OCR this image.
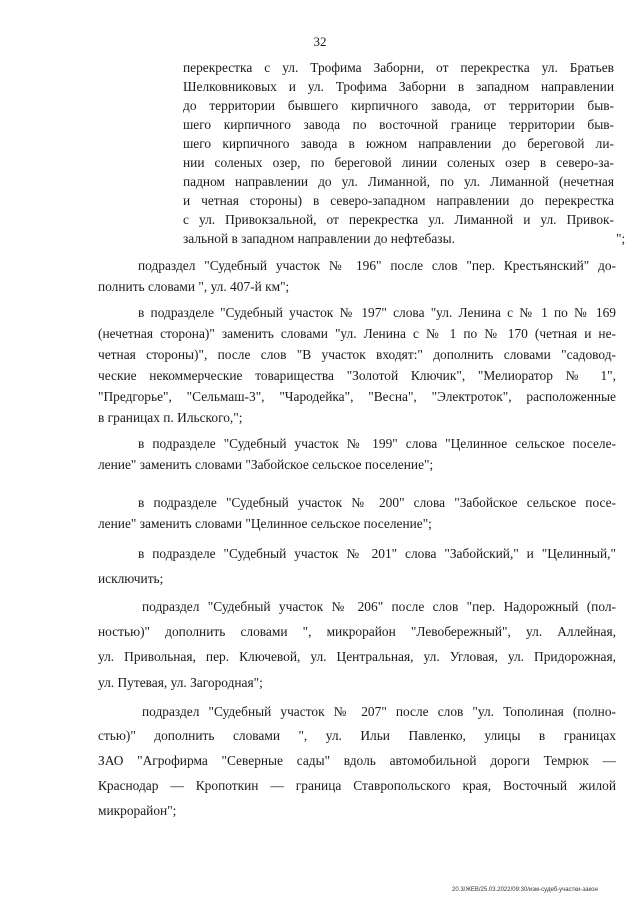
32
перекрестка с ул. Трофима Заборни, от перекрестка ул. Братьев
Шелковниковых и ул. Трофима Заборни в западном направлении
до территории бывшего кирпичного завода, от территории быв-
шего кирпичного завода по восточной границе территории быв-
шего кирпичного завода в южном направлении до береговой ли-
нии соленых озер, по береговой линии соленых озер в северо-за-
падном направлении до ул. Лиманной, по ул. Лиманной (нечетная
и четная стороны) в северо-западном направлении до перекрестка
с ул. Привокзальной, от перекрестка ул. Лиманной и ул. Привок-
зальной в западном направлении до нефтебазы.	";
подраздел "Судебный участок № 196" после слов "пер. Крестьянский" до-
полнить словами ", ул. 407-й км";
в подразделе "Судебный участок № 197" слова "ул. Ленина с № 1 по № 169
(нечетная сторона)" заменить словами "ул. Ленина с № 1 по № 170 (четная и не-
четная стороны)", после слов "В участок входят:" дополнить словами "садовод-
ческие некоммерческие товарищества "Золотой Ключик", "Мелиоратор № 1",
"Предгорье", "Сельмаш-3", "Чародейка", "Весна", "Электроток", расположенные
в границах п. Ильского,";
в подразделе "Судебный участок № 199" слова "Целинное сельское поселе-
ление" заменить словами "Забойское сельское поселение";
в подразделе "Судебный участок № 200" слова "Забойское сельское посе-
ление" заменить словами "Целинное сельское поселение";
в подразделе "Судебный участок № 201" слова "Забойский," и "Целинный,"
исключить;
подраздел "Судебный участок № 206" после слов "пер. Надорожный (пол-
ностью)" дополнить словами ", микрорайон "Левобережный", ул. Аллейная,
ул. Привольная, пер. Ключевой, ул. Центральная, ул. Угловая, ул. Придорожная,
ул. Путевая, ул. Загородная";
подраздел "Судебный участок № 207" после слов "ул. Тополиная (полно-
стью)" дополнить словами ", ул. Ильи Павленко, улицы в границах
ЗАО "Агрофирма "Северные сады" вдоль автомобильной дороги Темрюк —
Краснодар — Кропоткин — граница Ставропольского края, Восточный жилой
микрорайон";
20.3/ЖЕВ/25.03.2022/09:30/изм-судеб-участки-закон
